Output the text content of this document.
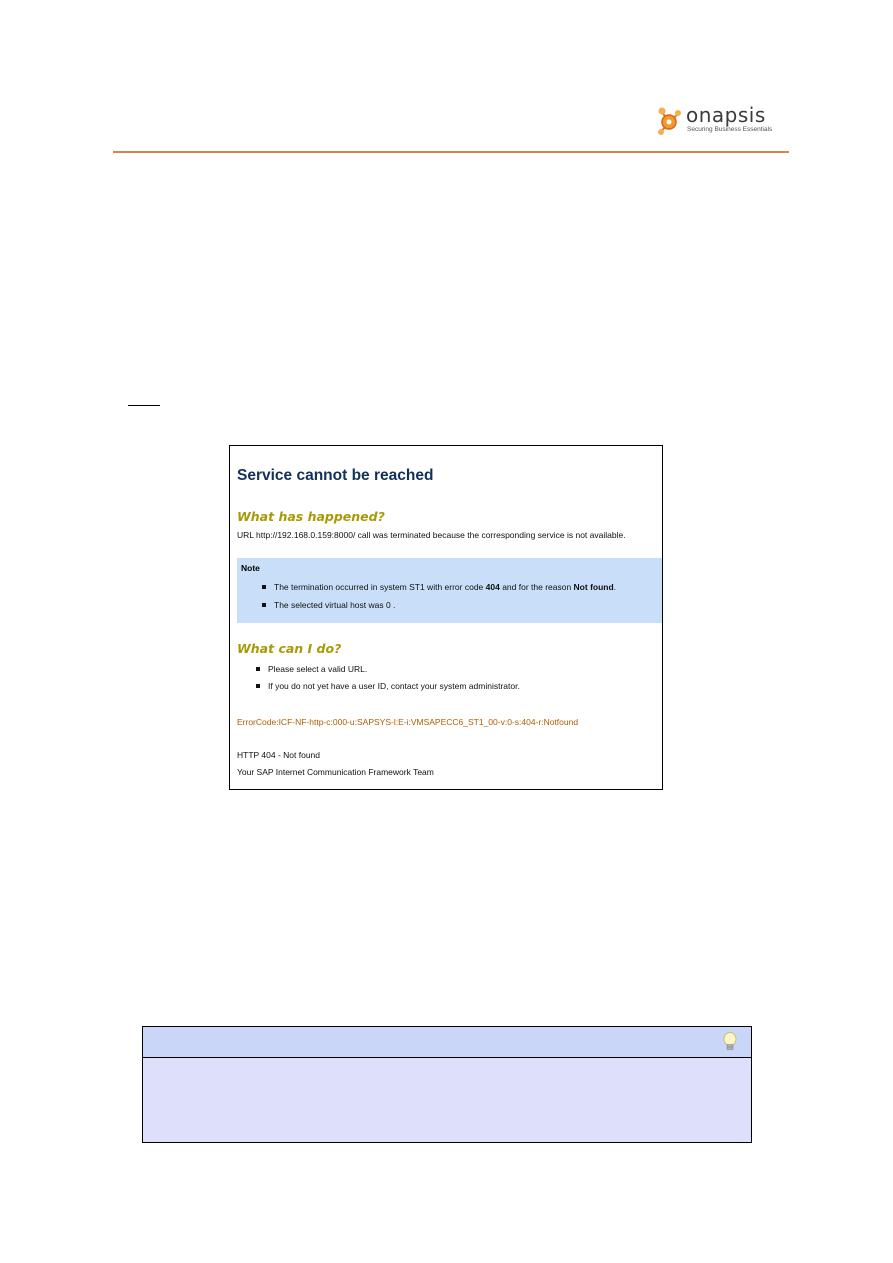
onapsis
Securing Business Essentials
Service cannot be reached
What has happened?
URL http://192.168.0.159:8000/ call was terminated because the corresponding service is not available.
Note
The termination occurred in system ST1 with error code 404 and for the reason Not found.
The selected virtual host was 0 .
What can I do?
Please select a valid URL.
If you do not yet have a user ID, contact your system administrator.
ErrorCode:ICF-NF-http-c:000-u:SAPSYS-l:E-i:VMSAPECC6_ST1_00-v:0-s:404-r:Notfound
HTTP 404 - Not found
Your SAP Internet Communication Framework Team
